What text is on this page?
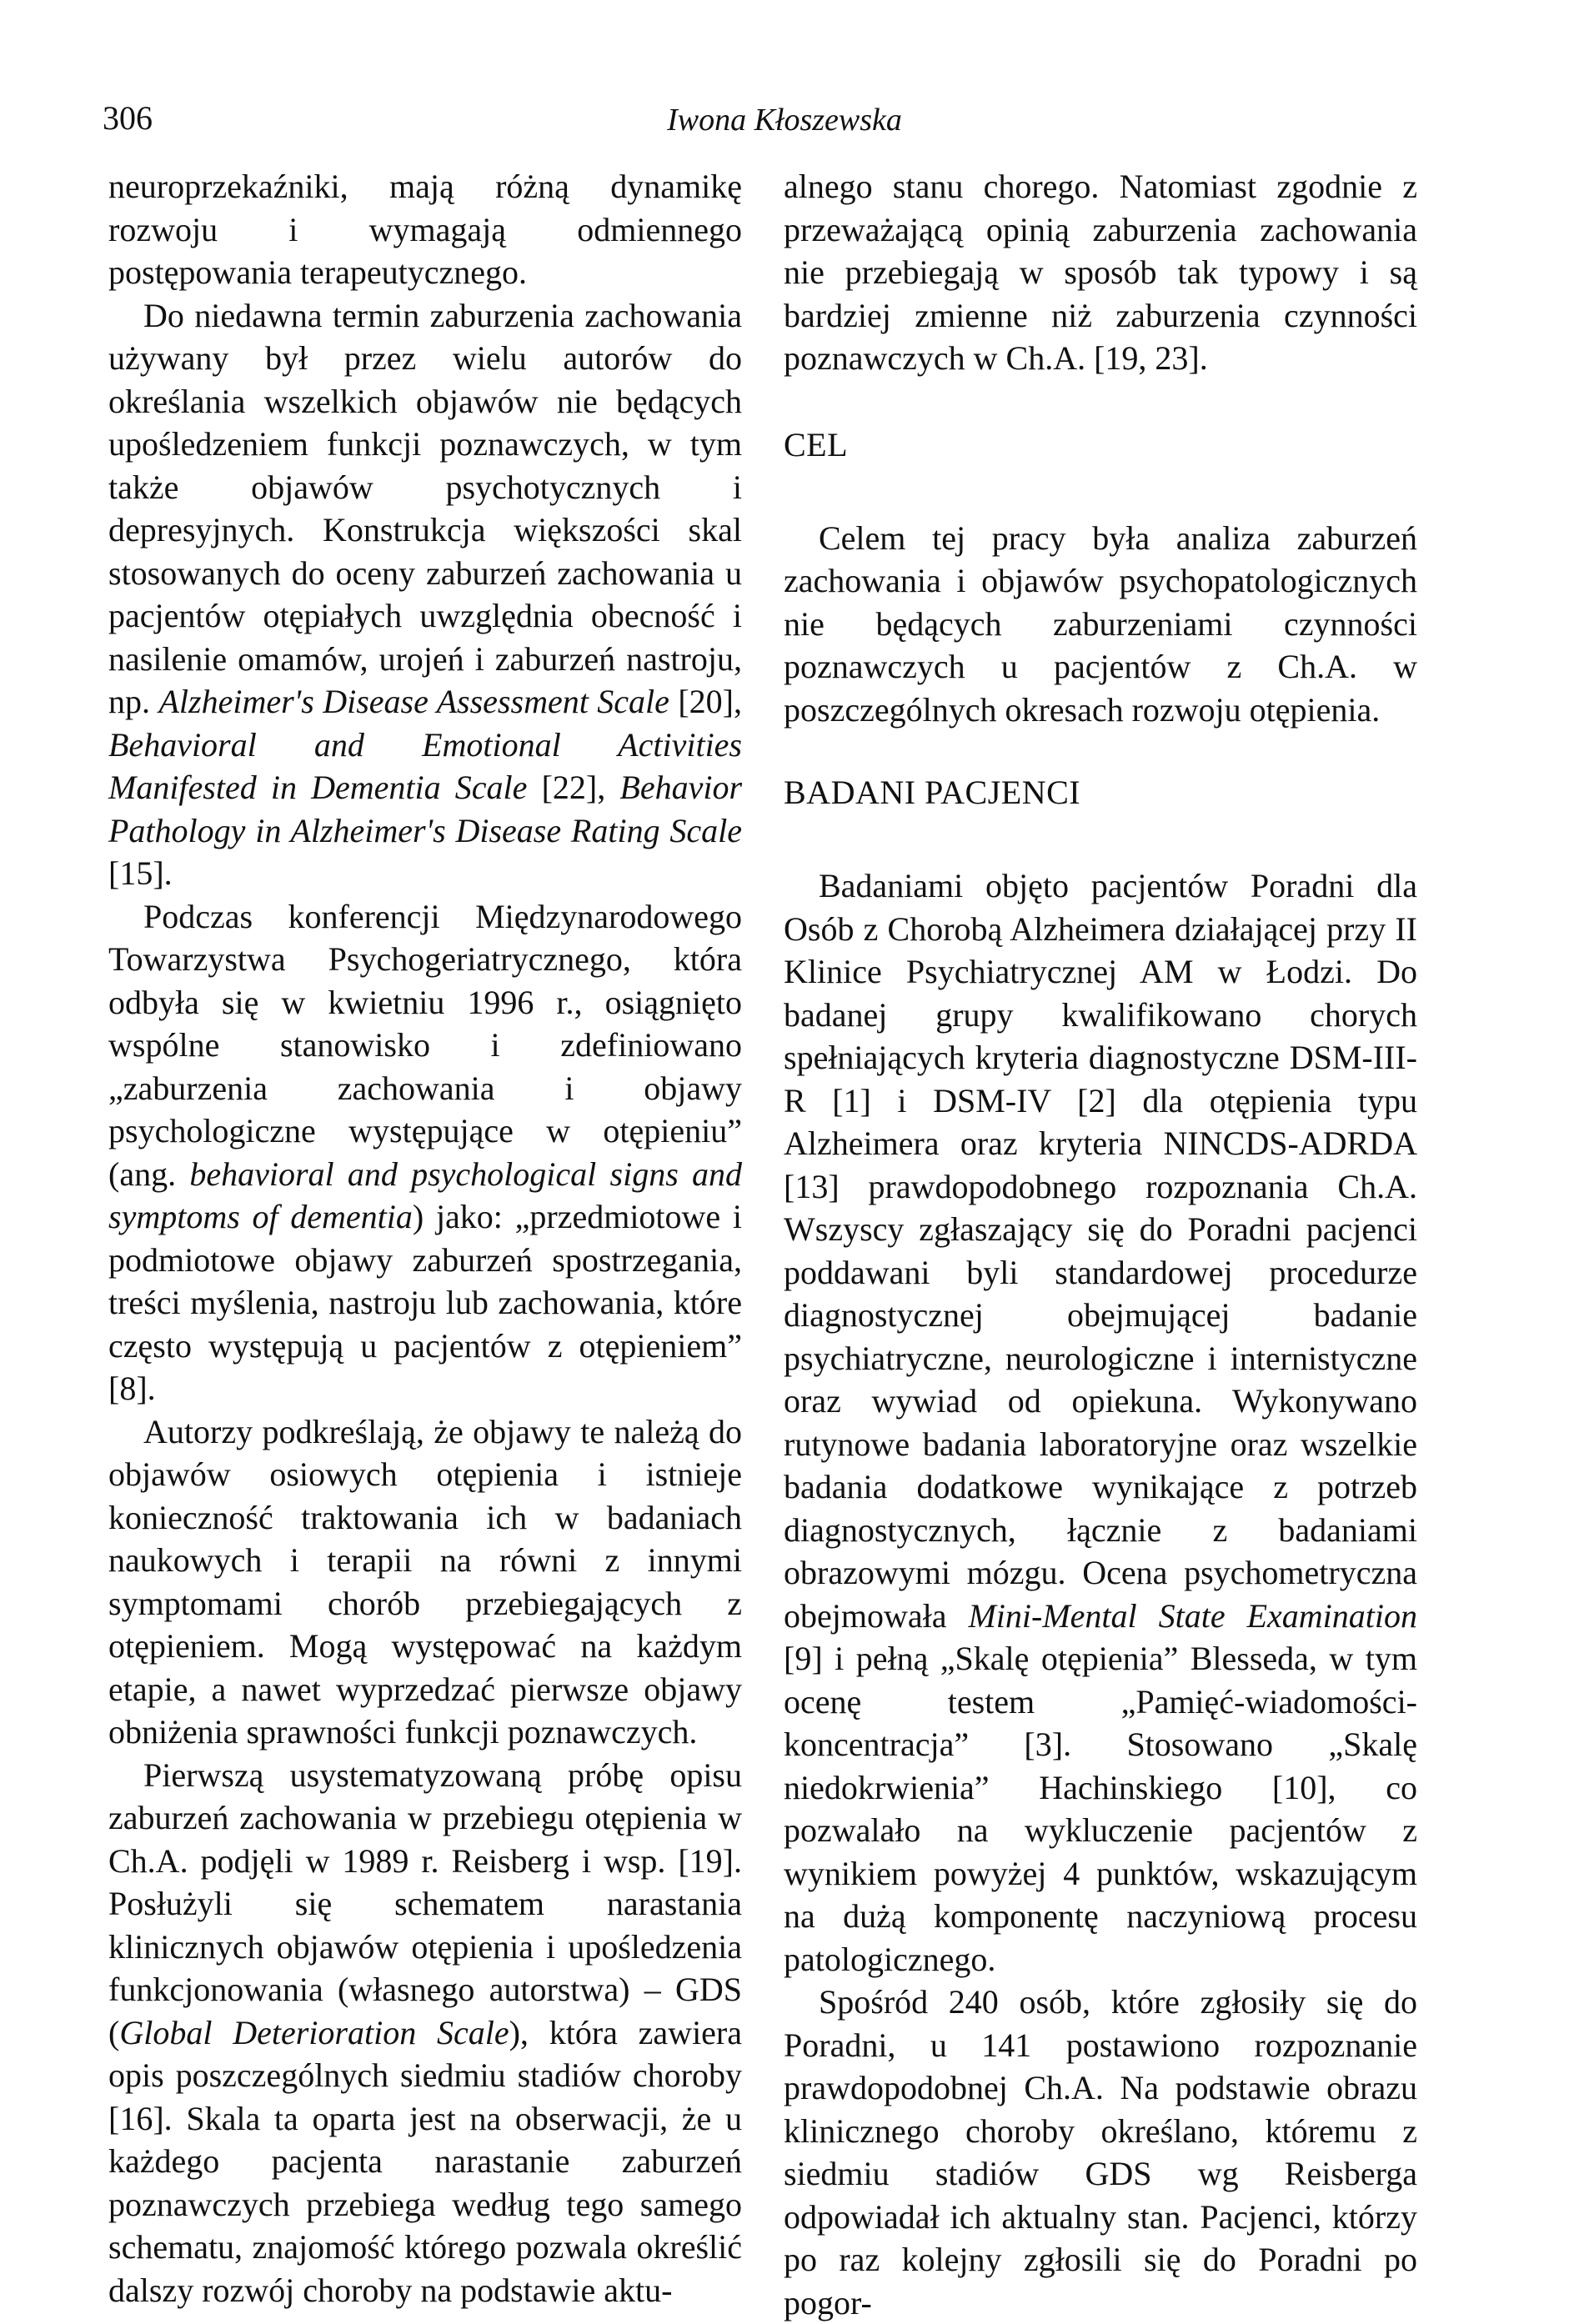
306	Iwona Kłoszewska

neuroprzekaźniki, mają różną dynamikę rozwoju i wymagają odmiennego postępowania terapeutycznego.

Do niedawna termin zaburzenia zachowania używany był przez wielu autorów do określania wszelkich objawów nie będących upośledzeniem funkcji poznawczych, w tym także objawów psychotycznych i depresyjnych. Konstrukcja większości skal stosowanych do oceny zaburzeń zachowania u pacjentów otępiałych uwzględnia obecność i nasilenie omamów, urojeń i zaburzeń nastroju, np. Alzheimer's Disease Assessment Scale [20], Behavioral and Emotional Activities Manifested in Dementia Scale [22], Behavior Pathology in Alzheimer's Disease Rating Scale [15].

Podczas konferencji Międzynarodowego Towarzystwa Psychogeriatrycznego, która odbyła się w kwietniu 1996 r., osiągnięto wspólne stanowisko i zdefiniowano „zaburzenia zachowania i objawy psychologiczne występujące w otępieniu” (ang. behavioral and psychological signs and symptoms of dementia) jako: „przedmiotowe i podmiotowe objawy zaburzeń spostrzegania, treści myślenia, nastroju lub zachowania, które często występują u pacjentów z otępieniem” [8].

Autorzy podkreślają, że objawy te należą do objawów osiowych otępienia i istnieje konieczność traktowania ich w badaniach naukowych i terapii na równi z innymi symptomami chorób przebiegających z otępieniem. Mogą występować na każdym etapie, a nawet wyprzedzać pierwsze objawy obniżenia sprawności funkcji poznawczych.

Pierwszą usystematyzowaną próbę opisu zaburzeń zachowania w przebiegu otępienia w Ch.A. podjęli w 1989 r. Reisberg i wsp. [19]. Posłużyli się schematem narastania klinicznych objawów otępienia i upośledzenia funkcjonowania (własnego autorstwa) – GDS (Global Deterioration Scale), która zawiera opis poszczególnych siedmiu stadiów choroby [16]. Skala ta oparta jest na obserwacji, że u każdego pacjenta narastanie zaburzeń poznawczych przebiega według tego samego schematu, znajomość którego pozwala określić dalszy rozwój choroby na podstawie aktu-

alnego stanu chorego. Natomiast zgodnie z przeważającą opinią zaburzenia zachowania nie przebiegają w sposób tak typowy i są bardziej zmienne niż zaburzenia czynności poznawczych w Ch.A. [19, 23].

CEL

Celem tej pracy była analiza zaburzeń zachowania i objawów psychopatologicznych nie będących zaburzeniami czynności poznawczych u pacjentów z Ch.A. w poszczególnych okresach rozwoju otępienia.

BADANI PACJENCI

Badaniami objęto pacjentów Poradni dla Osób z Chorobą Alzheimera działającej przy II Klinice Psychiatrycznej AM w Łodzi. Do badanej grupy kwalifikowano chorych spełniających kryteria diagnostyczne DSM-III-R [1] i DSM-IV [2] dla otępienia typu Alzheimera oraz kryteria NINCDS-ADRDA [13] prawdopodobnego rozpoznania Ch.A. Wszyscy zgłaszający się do Poradni pacjenci poddawani byli standardowej procedurze diagnostycznej obejmującej badanie psychiatryczne, neurologiczne i internistyczne oraz wywiad od opiekuna. Wykonywano rutynowe badania laboratoryjne oraz wszelkie badania dodatkowe wynikające z potrzeb diagnostycznych, łącznie z badaniami obrazowymi mózgu. Ocena psychometryczna obejmowała Mini-Mental State Examination [9] i pełną „Skalę otępienia” Blesseda, w tym ocenę testem „Pamięć-wiadomości-koncentracja” [3]. Stosowano „Skalę niedokrwienia” Hachinskiego [10], co pozwalało na wykluczenie pacjentów z wynikiem powyżej 4 punktów, wskazującym na dużą komponentę naczyniową procesu patologicznego.

Spośród 240 osób, które zgłosiły się do Poradni, u 141 postawiono rozpoznanie prawdopodobnej Ch.A. Na podstawie obrazu klinicznego choroby określano, któremu z siedmiu stadiów GDS wg Reisberga odpowiadał ich aktualny stan. Pacjenci, którzy po raz kolejny zgłosili się do Poradni po pogor-
